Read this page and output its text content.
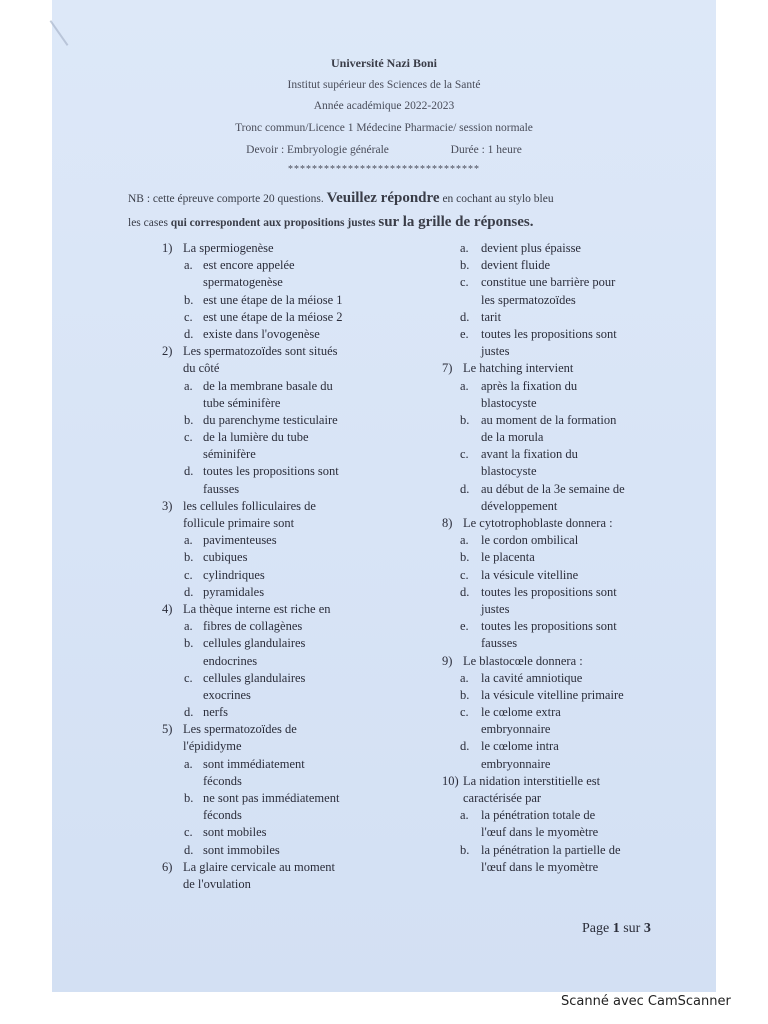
Université Nazi Boni
Institut supérieur des Sciences de la Santé
Année académique 2022-2023
Tronc commun/Licence 1 Médecine Pharmacie/ session normale
Devoir : Embryologie générale	Durée : 1 heure
********************************
NB : cette épreuve comporte 20 questions. Veuillez répondre en cochant au stylo bleu
les cases qui correspondent aux propositions justes sur la grille de réponses.
1) La spermiogenèse
a. est encore appelée
spermatogenèse
b. est une étape de la méiose 1
c. est une étape de la méiose 2
d. existe dans l'ovogenèse
2) Les spermatozoïdes sont situés
du côté
a. de la membrane basale du
tube séminifère
b. du parenchyme testiculaire
c. de la lumière du tube
séminifère
d. toutes les propositions sont
fausses
3) les cellules folliculaires de
follicule primaire sont
a. pavimenteuses
b. cubiques
c. cylindriques
d. pyramidales
4) La thèque interne est riche en
a. fibres de collagènes
b. cellules glandulaires
endocrines
c. cellules glandulaires
exocrines
d. nerfs
5) Les spermatozoïdes de
l'épididyme
a. sont immédiatement
féconds
b. ne sont pas immédiatement
féconds
c. sont mobiles
d. sont immobiles
6) La glaire cervicale au moment
de l'ovulation
a. devient plus épaisse
b. devient fluide
c. constitue une barrière pour
les spermatozoïdes
d. tarit
e. toutes les propositions sont
justes
7) Le hatching intervient
a. après la fixation du
blastocyste
b. au moment de la formation
de la morula
c. avant la fixation du
blastocyste
d. au début de la 3e semaine de
développement
8) Le cytotrophoblaste donnera :
a. le cordon ombilical
b. le placenta
c. la vésicule vitelline
d. toutes les propositions sont
justes
e. toutes les propositions sont
fausses
9) Le blastocœle donnera :
a. la cavité amniotique
b. la vésicule vitelline primaire
c. le cœlome extra
embryonnaire
d. le cœlome intra
embryonnaire
10) La nidation interstitielle est
caractérisée par
a. la pénétration totale de
l'œuf dans le myomètre
b. la pénétration la partielle de
l'œuf dans le myomètre
Page 1 sur 3
Scanné avec CamScanner
